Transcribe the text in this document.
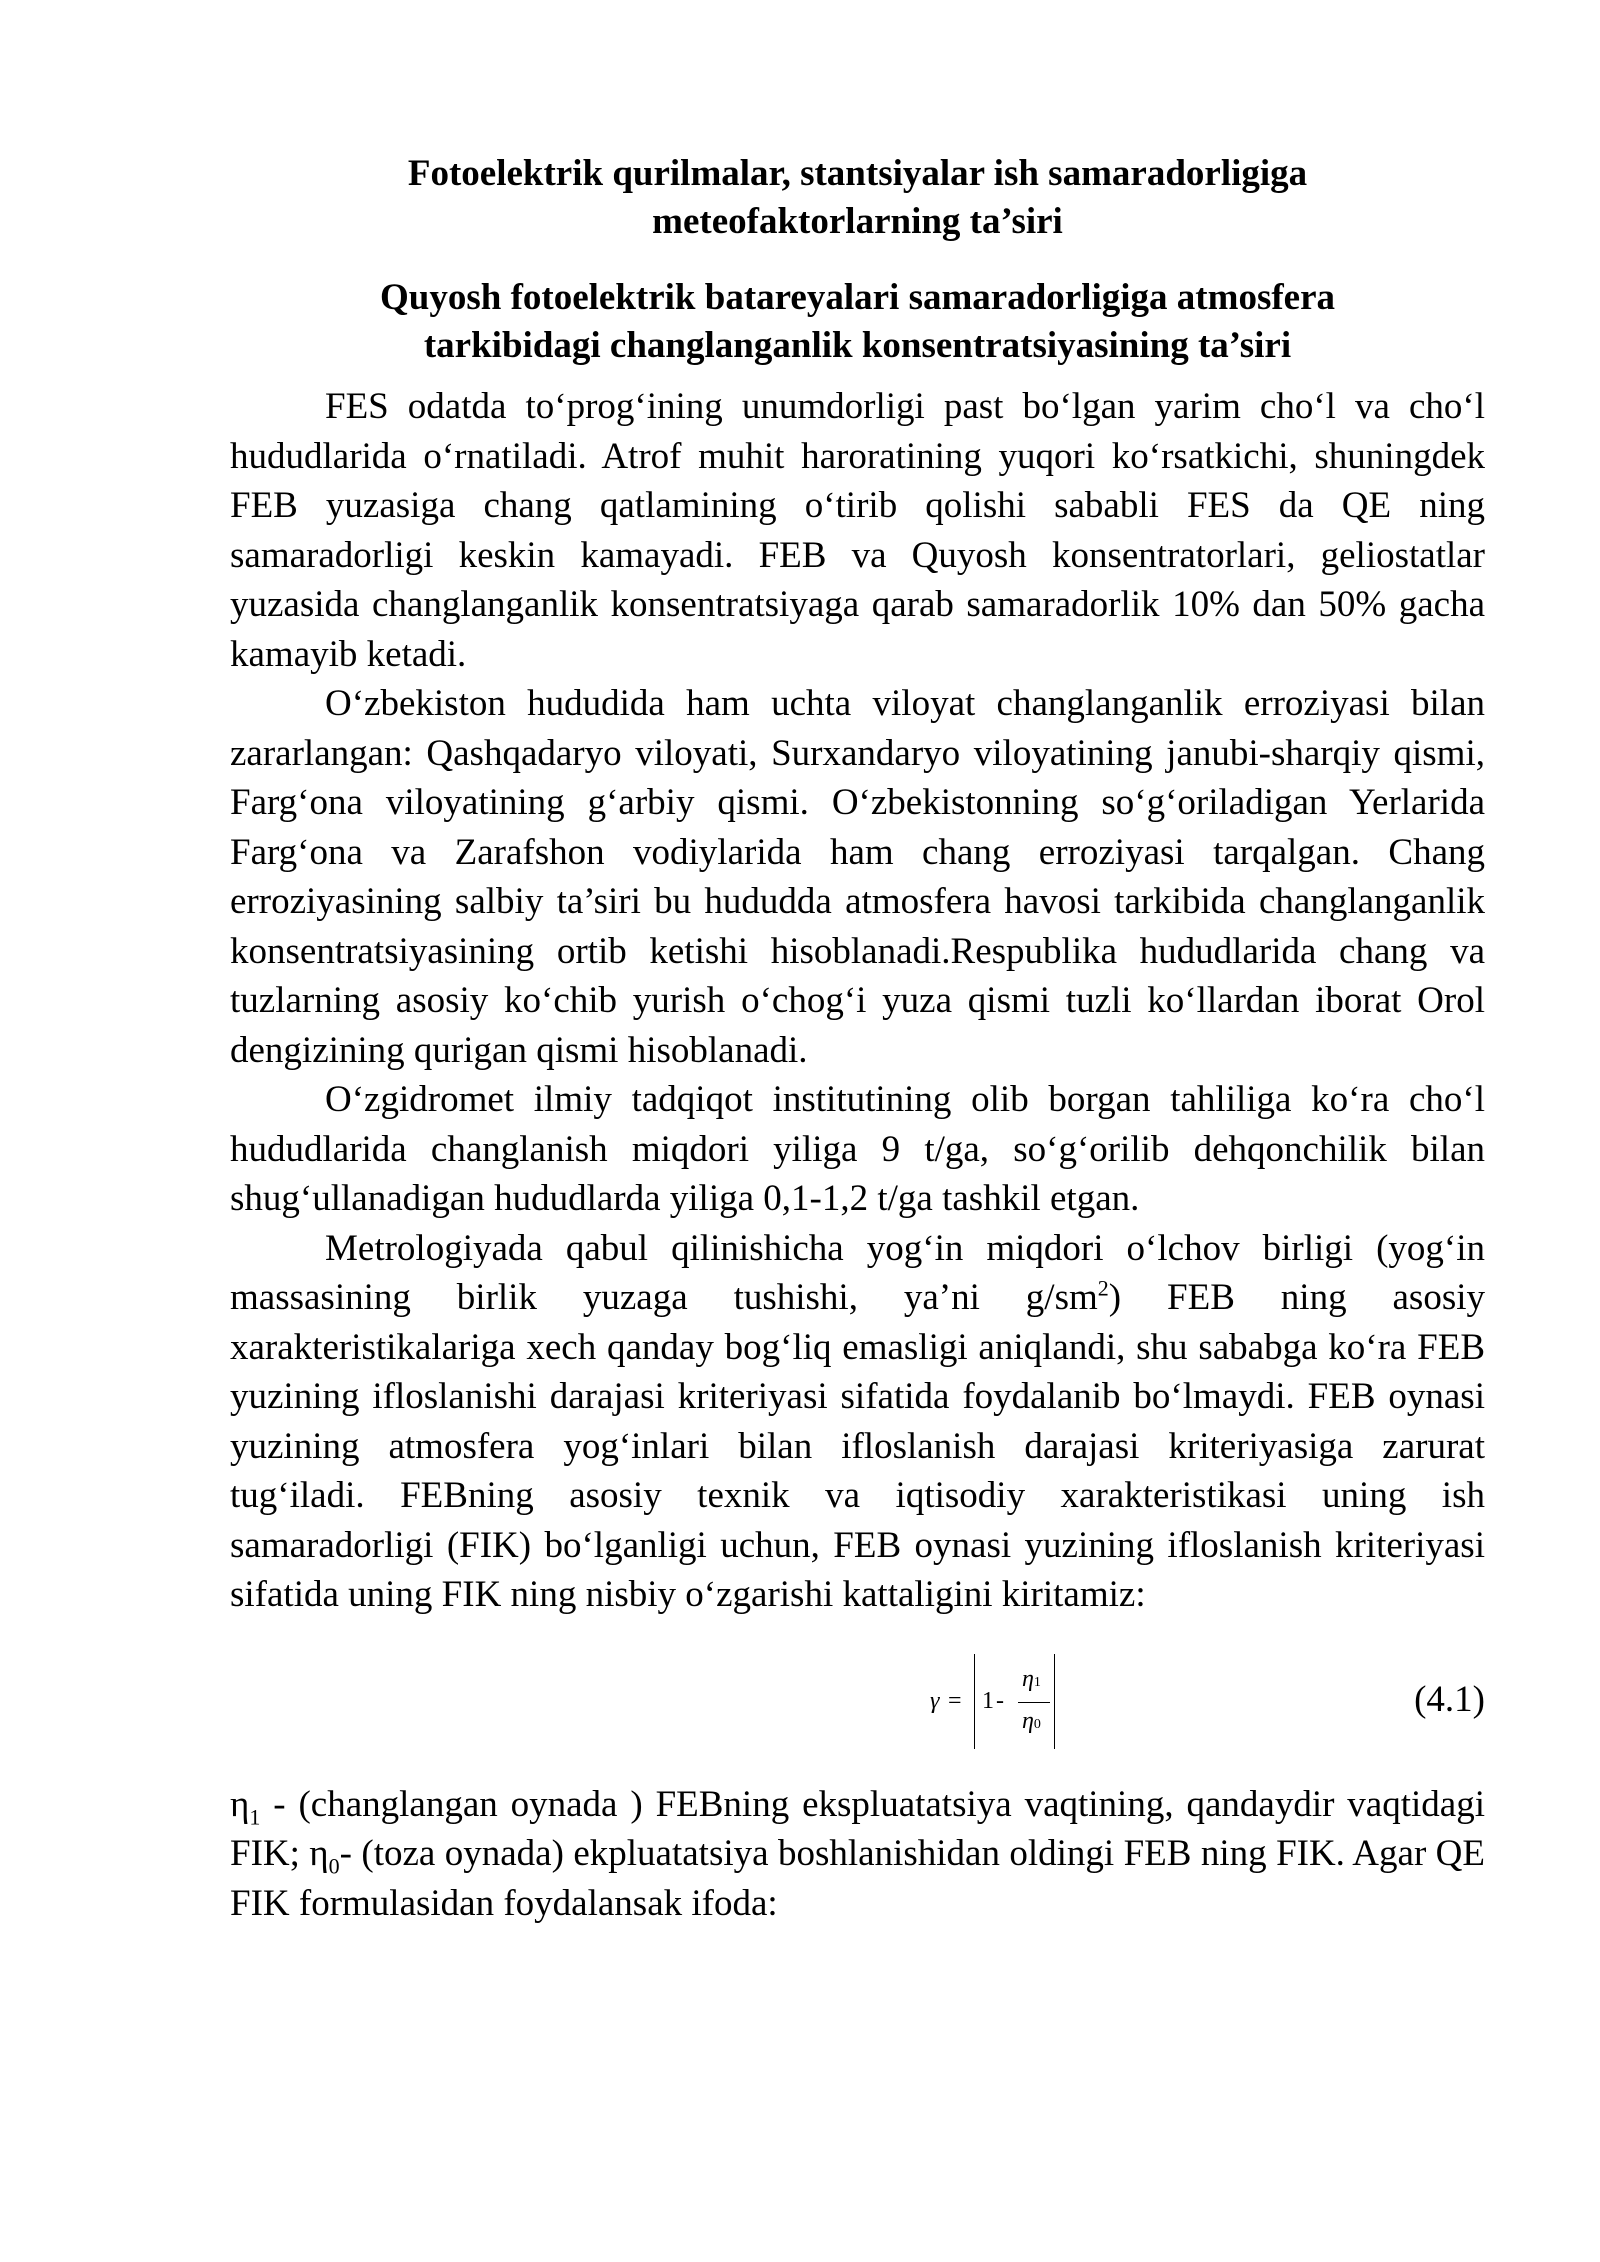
Fotoelektrik qurilmalar, stantsiyalar ish samaradorligiga
meteofaktorlarning ta’siri
Quyosh fotoelektrik batareyalari samaradorligiga atmosfera
tarkibidagi changlanganlik konsentratsiyasining ta’siri

FES odatda to‘prog‘ining unumdorligi past bo‘lgan yarim cho‘l va cho‘l hududlarida o‘rnatiladi. Atrof muhit haroratining yuqori ko‘rsatkichi, shuningdek FEB yuzasiga chang qatlamining o‘tirib qolishi sababli FES da QE ning samaradorligi keskin kamayadi. FEB va Quyosh konsentratorlari, geliostatlar yuzasida changlanganlik konsentratsiyaga qarab samaradorlik 10% dan 50% gacha kamayib ketadi.

O‘zbekiston hududida ham uchta viloyat changlanganlik erroziyasi bilan zararlangan: Qashqadaryo viloyati, Surxandaryo viloyatining janubi-sharqiy qismi, Farg‘ona viloyatining g‘arbiy qismi. O‘zbekistonning so‘g‘oriladigan Yerlarida Farg‘ona va Zarafshon vodiylarida ham chang erroziyasi tarqalgan. Chang erroziyasining salbiy ta’siri bu hududda atmosfera havosi tarkibida changlanganlik konsentratsiyasining ortib ketishi hisoblanadi.Respublika hududlarida chang va tuzlarning asosiy ko‘chib yurish o‘chog‘i yuza qismi tuzli ko‘llardan iborat Orol dengizining qurigan qismi hisoblanadi.

O‘zgidromet ilmiy tadqiqot institutining olib borgan tahliliga ko‘ra cho‘l hududlarida changlanish miqdori yiliga 9 t/ga, so‘g‘orilib dehqonchilik bilan shug‘ullanadigan hududlarda yiliga 0,1-1,2 t/ga tashkil etgan.

Metrologiyada qabul qilinishicha yog‘in miqdori o‘lchov birligi (yog‘in massasining birlik yuzaga tushishi, ya’ni $g/sm^2$) FEB ning asosiy xarakteristikalariga xech qanday bog‘liq emasligi aniqlandi, shu sababga ko‘ra FEB yuzining ifloslanishi darajasi kriteriyasi sifatida foydalanib bo‘lmaydi. FEB oynasi yuzining atmosfera yog‘inlari bilan ifloslanish darajasi kriteriyasiga zarurat tug‘iladi. FEBning asosiy texnik va iqtisodiy xarakteristikasi uning ish samaradorligi (FIK) bo‘lganligi uchun, FEB oynasi yuzining ifloslanish kriteriyasi sifatida uning FIK ning nisbiy o‘zgarishi kattaligini kiritamiz:

γ = 1 -
η1
η0
(4.1)

$\eta_1$ - (changlangan oynada ) FEBning ekspluatatsiya vaqtining, qandaydir vaqtidagi FIK; $\eta_0-$ (toza oynada) ekpluatatsiya boshlanishidan oldingi FEB ning FIK. Agar QE FIK formulasidan foydalansak ifoda:
